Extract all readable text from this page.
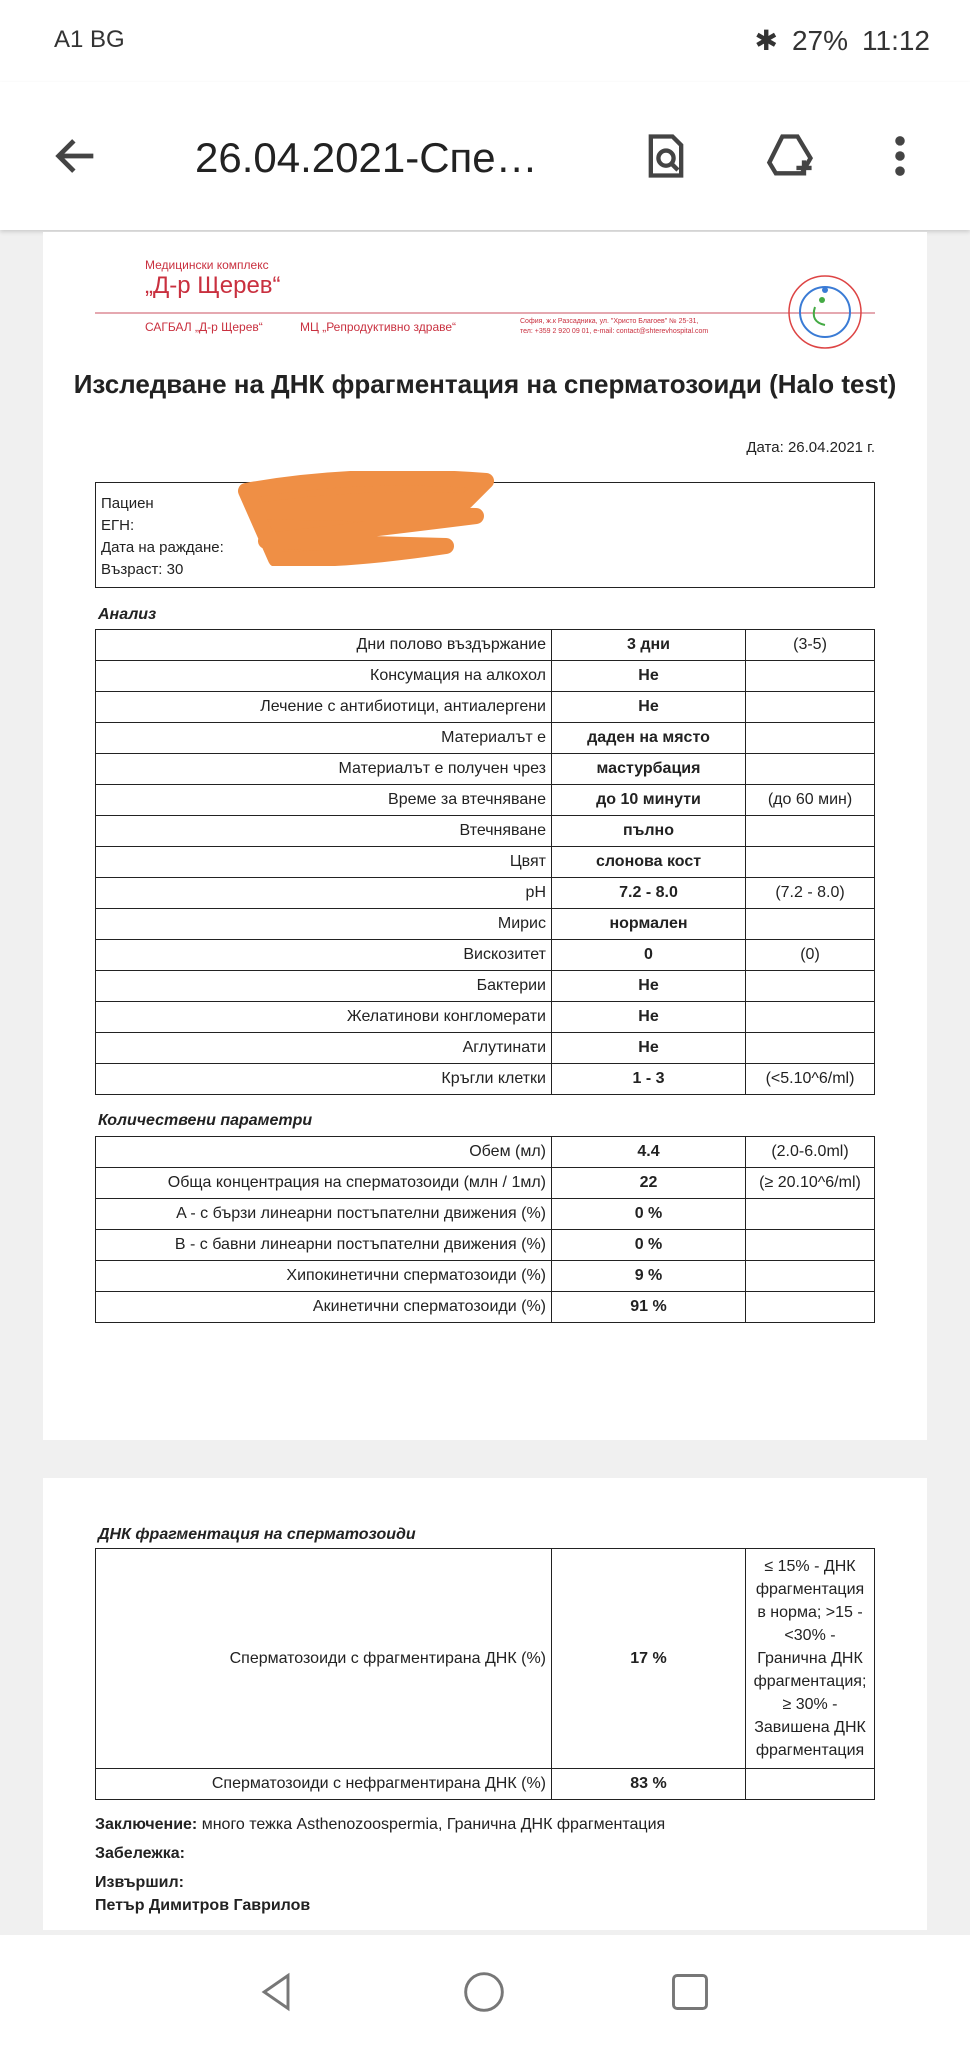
A1 BG	✱ 27% 11:12
26.04.2021-Спе…
Медицински комплекс
„Д-р Щерев“
САГБАЛ „Д-р Щерев“	МЦ „Репродуктивно здраве“	София, ж.к Разсадника, ул. "Христо Благоев" № 25-31,
тел: +359 2 920 09 01, e-mail: contact@shterevhospital.com
Изследване на ДНК фрагментация на сперматозоиди (Halo test)
Дата: 26.04.2021 г.
Пациен
ЕГН:
Дата на раждане:
Възраст: 30
Анализ
Дни полово въздържание	3 дни	(3-5)
Консумация на алкохол	Не	
Лечение с антибиотици, антиалергени	Не	
Материалът е	даден на място	
Материалът е получен чрез	мастурбация	
Време за втечняване	до 10 минути	(до 60 мин)
Втечняване	пълно	
Цвят	слонова кост	
pH	7.2 - 8.0	(7.2 - 8.0)
Мирис	нормален	
Вискозитет	0	(0)
Бактерии	Не	
Желатинови конгломерати	Не	
Аглутинати	Не	
Кръгли клетки	1 - 3	(<5.10^6/ml)
Количествени параметри
Обем (мл)	4.4	(2.0-6.0ml)
Обща концентрация на сперматозоиди (млн / 1мл)	22	(≥ 20.10^6/ml)
A - с бързи линеарни постъпателни движения (%)	0 %	
B - с бавни линеарни постъпателни движения (%)	0 %	
Хипокинетични сперматозоиди (%)	9 %	
Акинетични сперматозоиди (%)	91 %	
ДНК фрагментация на сперматозоиди
Сперматозоиди с фрагментирана ДНК (%)	17 %	≤ 15% - ДНК фрагментация в норма; >15 - <30% - Гранична ДНК фрагментация; ≥ 30% - Завишена ДНК фрагментация
Сперматозоиди с нефрагментирана ДНК (%)	83 %	
Заключение: много тежка Asthenozoospermia, Гранична ДНК фрагментация
Забележка:
Извършил:
Петър Димитров Гаврилов
